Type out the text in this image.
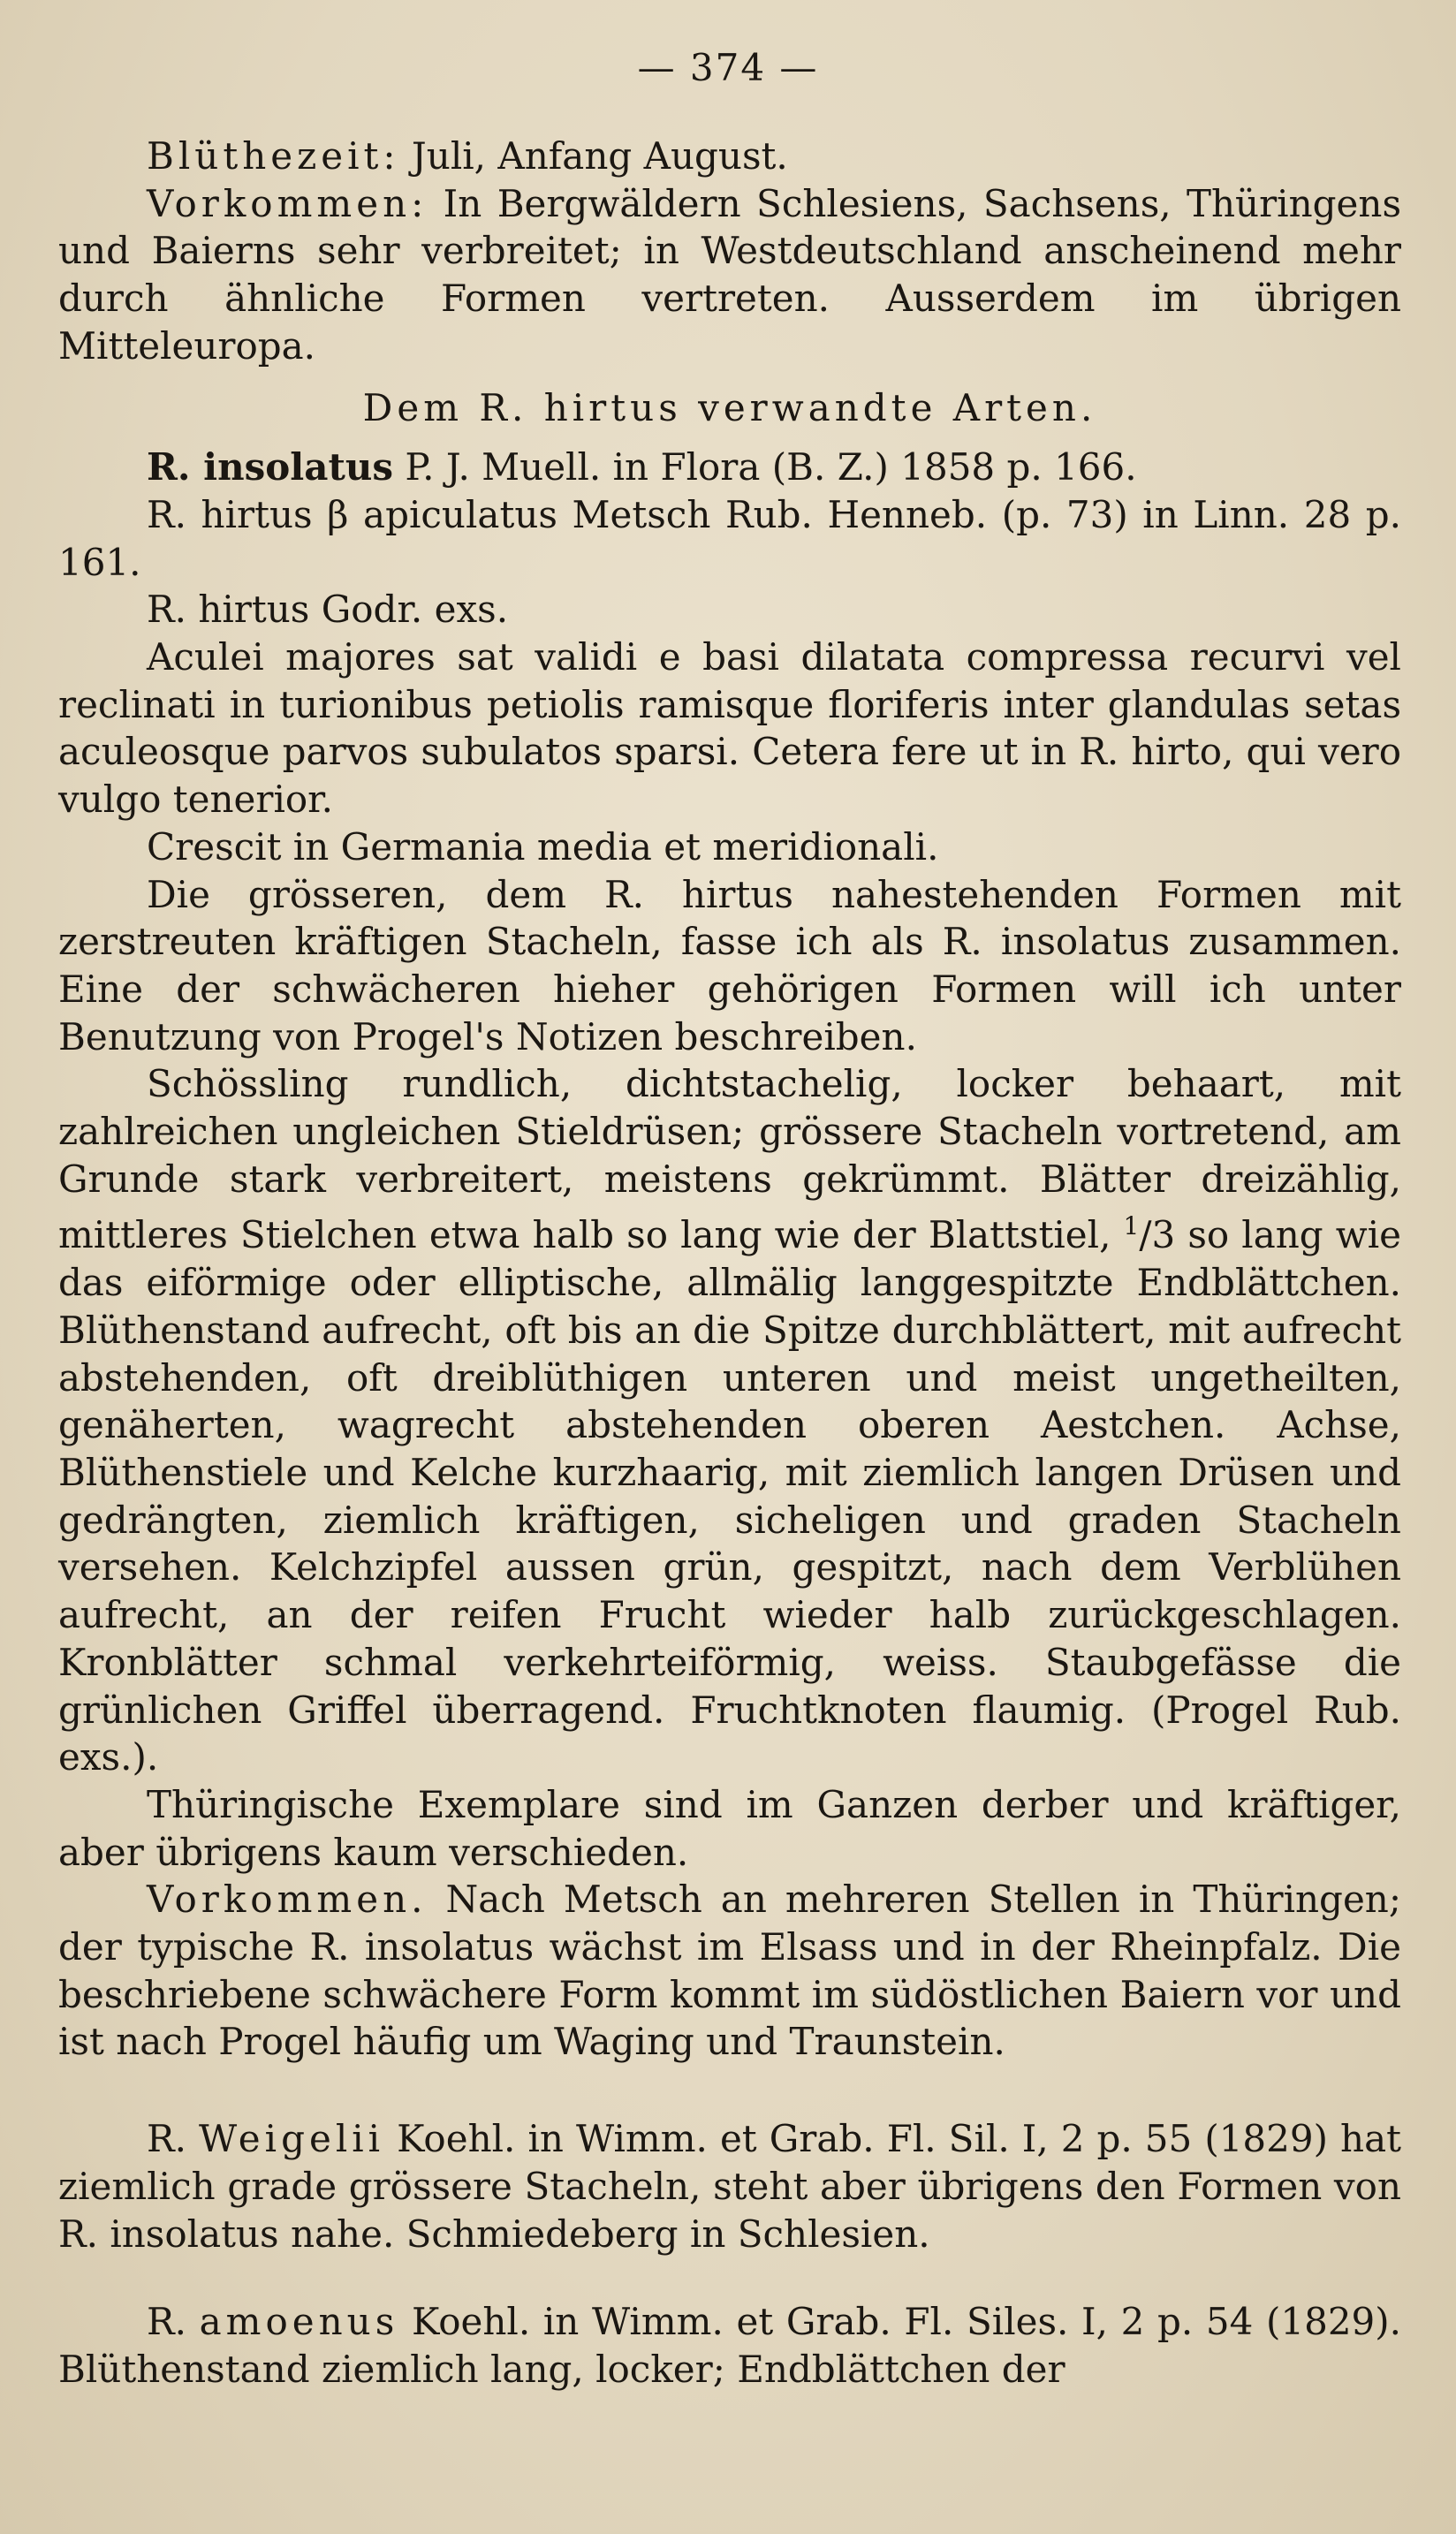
— 374 —

Blüthezeit: Juli, Anfang August.

Vorkommen: In Bergwäldern Schlesiens, Sachsens, Thüringens und Baierns sehr verbreitet; in Westdeutschland anscheinend mehr durch ähnliche Formen vertreten. Ausserdem im übrigen Mitteleuropa.

Dem R. hirtus verwandte Arten.

R. insolatus P. J. Muell. in Flora (B. Z.) 1858 p. 166.

R. hirtus β apiculatus Metsch Rub. Henneb. (p. 73) in Linn. 28 p. 161.

R. hirtus Godr. exs.

Aculei majores sat validi e basi dilatata compressa recurvi vel reclinati in turionibus petiolis ramisque floriferis inter glandulas setas aculeosque parvos subulatos sparsi. Cetera fere ut in R. hirto, qui vero vulgo tenerior.

Crescit in Germania media et meridionali.

Die grösseren, dem R. hirtus nahestehenden Formen mit zerstreuten kräftigen Stacheln, fasse ich als R. insolatus zusammen. Eine der schwächeren hieher gehörigen Formen will ich unter Benutzung von Progel's Notizen beschreiben.

Schössling rundlich, dichtstachelig, locker behaart, mit zahlreichen ungleichen Stieldrüsen; grössere Stacheln vortretend, am Grunde stark verbreitert, meistens gekrümmt. Blätter dreizählig, mittleres Stielchen etwa halb so lang wie der Blattstiel, $^1$/3 so lang wie das eiförmige oder elliptische, allmälig langgespitzte Endblättchen. Blüthenstand aufrecht, oft bis an die Spitze durchblättert, mit aufrecht abstehenden, oft dreiblüthigen unteren und meist ungetheilten, genäherten, wagrecht abstehenden oberen Aestchen. Achse, Blüthenstiele und Kelche kurzhaarig, mit ziemlich langen Drüsen und gedrängten, ziemlich kräftigen, sicheligen und graden Stacheln versehen. Kelchzipfel aussen grün, gespitzt, nach dem Verblühen aufrecht, an der reifen Frucht wieder halb zurückgeschlagen. Kronblätter schmal verkehrteiförmig, weiss. Staubgefässe die grünlichen Griffel überragend. Fruchtknoten flaumig. (Progel Rub. exs.).

Thüringische Exemplare sind im Ganzen derber und kräftiger, aber übrigens kaum verschieden.

Vorkommen. Nach Metsch an mehreren Stellen in Thüringen; der typische R. insolatus wächst im Elsass und in der Rheinpfalz. Die beschriebene schwächere Form kommt im südöstlichen Baiern vor und ist nach Progel häufig um Waging und Traunstein.

R. Weigelii Koehl. in Wimm. et Grab. Fl. Sil. I, 2 p. 55 (1829) hat ziemlich grade grössere Stacheln, steht aber übrigens den Formen von R. insolatus nahe. Schmiedeberg in Schlesien.

R. amoenus Koehl. in Wimm. et Grab. Fl. Siles. I, 2 p. 54 (1829). Blüthenstand ziemlich lang, locker; Endblättchen der
